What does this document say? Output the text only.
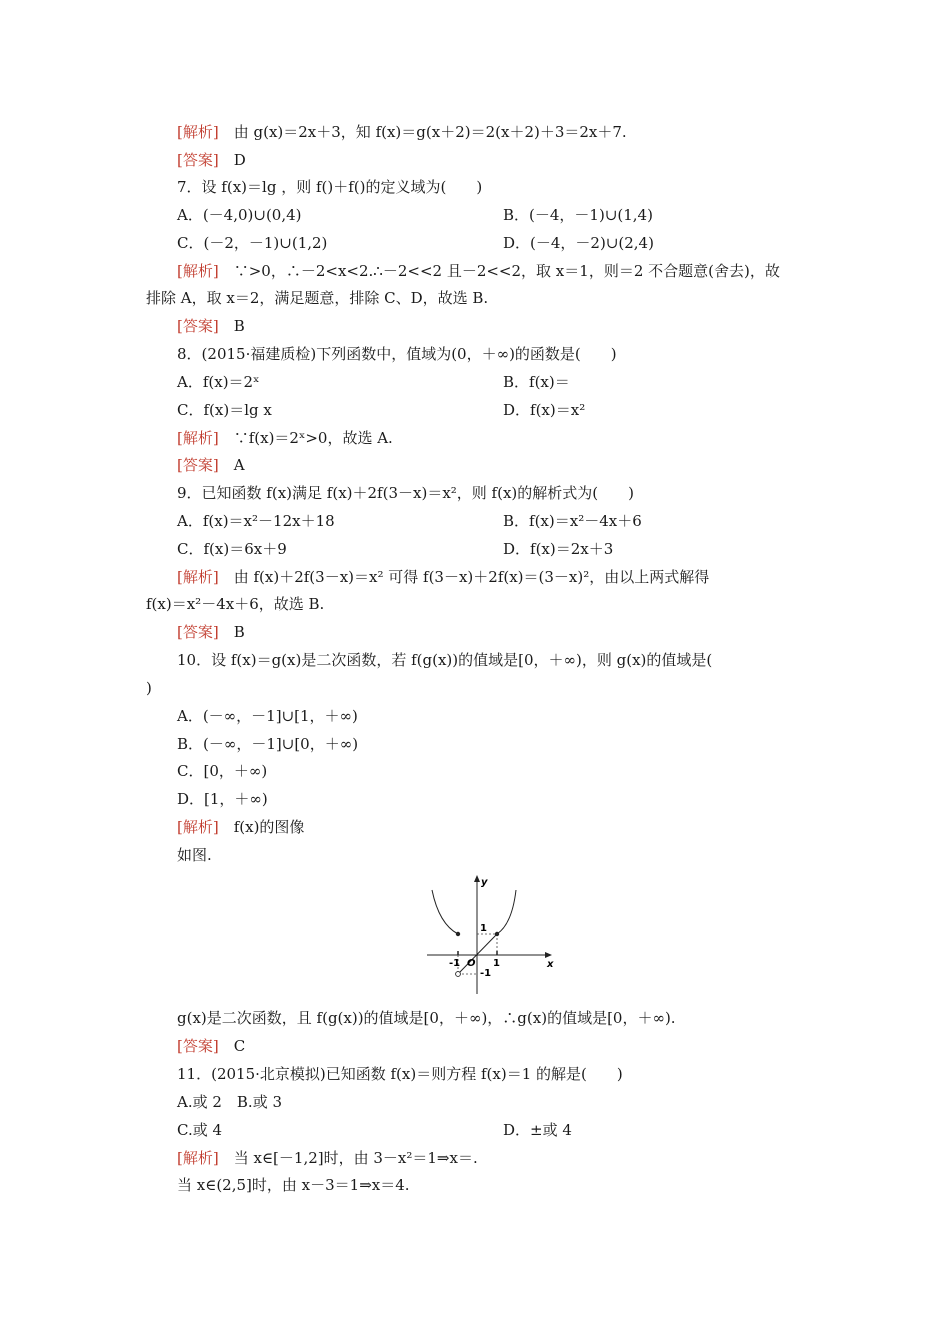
[解析]　由 g(x)＝2x＋3，知 f(x)＝g(x＋2)＝2(x＋2)＋3＝2x＋7.
[答案]　D
7．设 f(x)＝lg ，则 f()＋f()的定义域为(　　)
A．(－4,0)∪(0,4)	B．(－4，－1)∪(1,4)
C．(－2，－1)∪(1,2)	D．(－4，－2)∪(2,4)
[解析]　∵>0，∴－2<x<2.∴－2<<2 且－2<<2，取 x＝1，则＝2 不合题意(舍去)，故
排除 A，取 x＝2，满足题意，排除 C、D，故选 B.
[答案]　B
8．(2015·福建质检)下列函数中，值域为(0，＋∞)的函数是(　　)
A．f(x)＝2ˣ	B．f(x)＝
C．f(x)＝lg x	D．f(x)＝x²
[解析]　∵f(x)＝2ˣ>0，故选 A.
[答案]　A
9．已知函数 f(x)满足 f(x)＋2f(3－x)＝x²，则 f(x)的解析式为(　　)
A．f(x)＝x²－12x＋18	B．f(x)＝x²－4x＋6
C．f(x)＝6x＋9	D．f(x)＝2x＋3
[解析]　由 f(x)＋2f(3－x)＝x² 可得 f(3－x)＋2f(x)＝(3－x)²，由以上两式解得
f(x)＝x²－4x＋6，故选 B.
[答案]　B
10．设 f(x)＝g(x)是二次函数，若 f(g(x))的值域是[0，＋∞)，则 g(x)的值域是(
)
A．(－∞，－1]∪[1，＋∞)
B．(－∞，－1]∪[0，＋∞)
C．[0，＋∞)
D．[1，＋∞)
[解析]　f(x)的图像
如图.
g(x)是二次函数，且 f(g(x))的值域是[0，＋∞)，∴g(x)的值域是[0，＋∞).
[答案]　C
11．(2015·北京模拟)已知函数 f(x)＝则方程 f(x)＝1 的解是(　　)
A.或 2　B.或 3
C.或 4	D．±或 4
[解析]　当 x∈[－1,2]时，由 3－x²＝1⇒x＝.
当 x∈(2,5]时，由 x－3＝1⇒x＝4.
y
x
O
1
-1	1
-1
